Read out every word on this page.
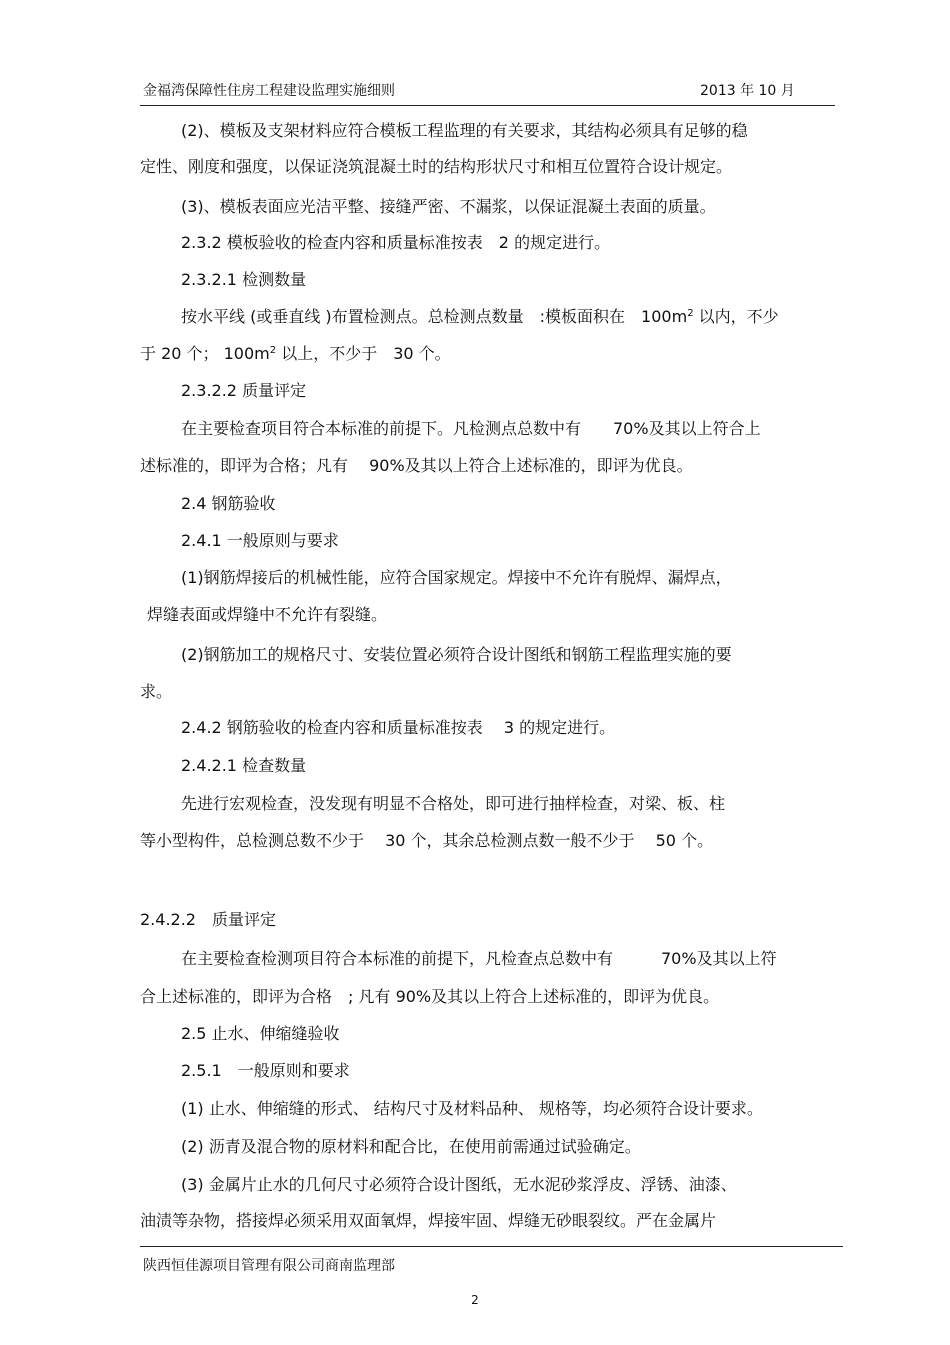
金福湾保障性住房工程建设监理实施细则	2013 年 10 月
(2)、模板及支架材料应符合模板工程监理的有关要求，其结构必须具有足够的稳
定性、刚度和强度，以保证浇筑混凝土时的结构形状尺寸和相互位置符合设计规定。
(3)、模板表面应光洁平整、接缝严密、不漏浆，以保证混凝土表面的质量。
2.3.2 模板验收的检查内容和质量标准按表　2 的规定进行。
2.3.2.1 检测数量
按水平线 (或垂直线 )布置检测点。总检测点数量　:模板面积在　$100m^2$ 以内，不少
于 20 个； $100m^2$ 以上，不少于　30 个。
2.3.2.2 质量评定
在主要检查项目符合本标准的前提下。凡检测点总数中有　　70%及其以上符合上
述标准的，即评为合格；凡有　 90%及其以上符合上述标准的，即评为优良。
2.4 钢筋验收
2.4.1 一般原则与要求
(1)钢筋焊接后的机械性能，应符合国家规定。焊接中不允许有脱焊、漏焊点，
焊缝表面或焊缝中不允许有裂缝。
(2)钢筋加工的规格尺寸、安装位置必须符合设计图纸和钢筋工程监理实施的要
求。
2.4.2 钢筋验收的检查内容和质量标准按表　 3 的规定进行。
2.4.2.1 检查数量
先进行宏观检查，没发现有明显不合格处，即可进行抽样检查，对梁、板、柱
等小型构件，总检测总数不少于　 30 个，其余总检测点数一般不少于　 50 个。
2.4.2.2　质量评定
在主要检查检测项目符合本标准的前提下，凡检查点总数中有　　　70%及其以上符
合上述标准的，即评为合格　; 凡有 90%及其以上符合上述标准的，即评为优良。
2.5 止水、伸缩缝验收
2.5.1　一般原则和要求
(1) 止水、伸缩缝的形式、 结构尺寸及材料品种、 规格等，均必须符合设计要求。
(2) 沥青及混合物的原材料和配合比，在使用前需通过试验确定。
(3) 金属片止水的几何尺寸必须符合设计图纸，无水泥砂浆浮皮、浮锈、油漆、
油渍等杂物，搭接焊必须采用双面氧焊，焊接牢固、焊缝无砂眼裂纹。严在金属片
陕西恒佳源项目管理有限公司商南监理部
2
